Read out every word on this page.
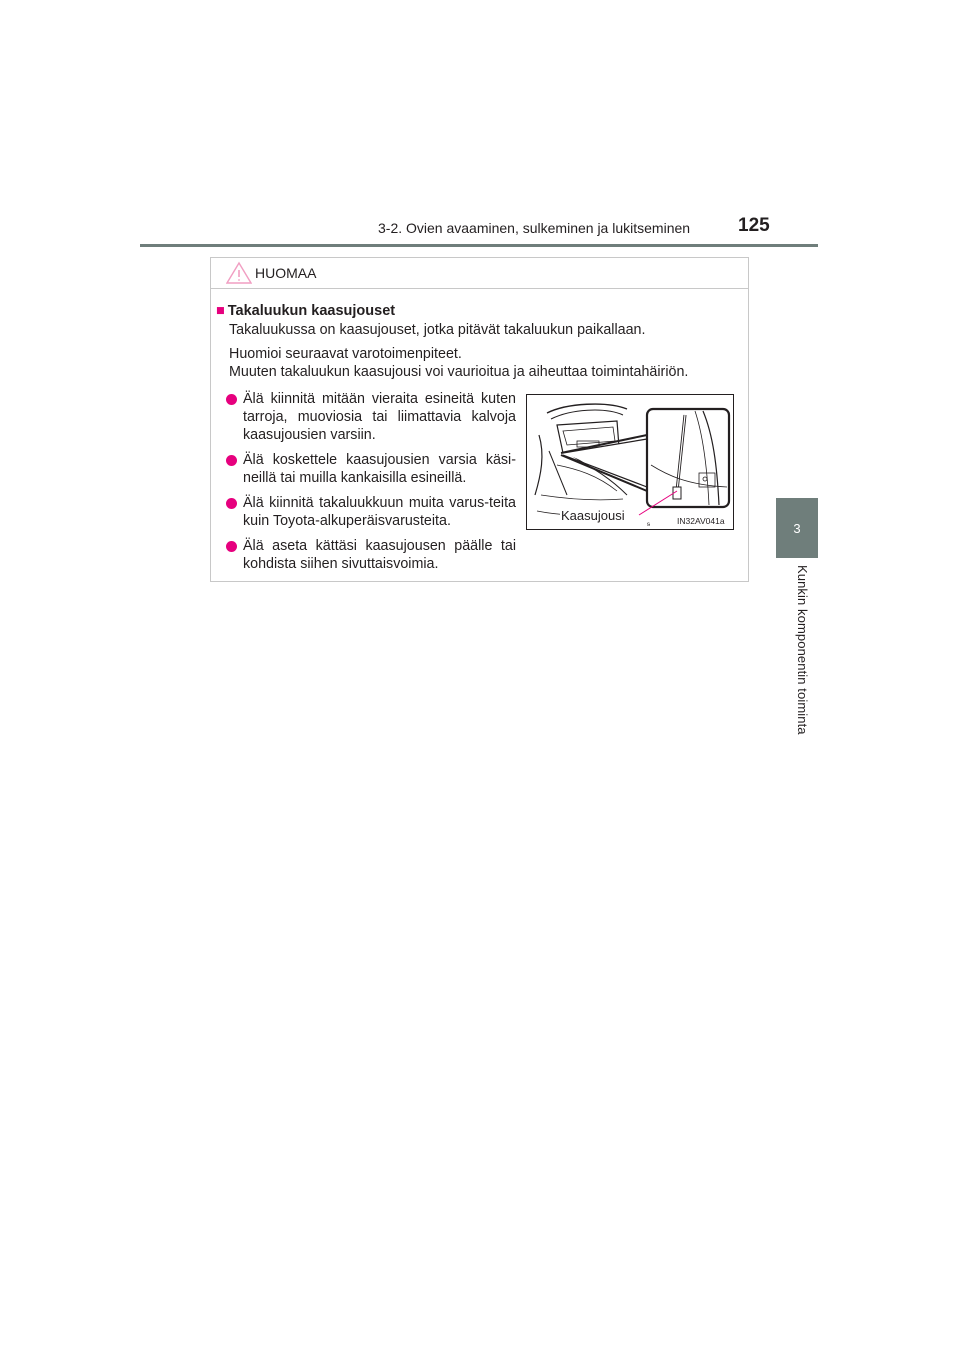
3-2. Ovien avaaminen, sulkeminen ja lukitseminen	125
3
Kunkin komponentin toiminta
HUOMAA
■ Takaluukun kaasujouset
Takaluukussa on kaasujouset, jotka pitävät takaluukun paikallaan.
Huomioi seuraavat varotoimenpiteet.
Muuten takaluukun kaasujousi voi vaurioitua ja aiheuttaa toimintahäiriön.
Älä kiinnitä mitään vieraita esineitä kuten tarroja, muoviosia tai liimattavia kalvoja kaasujousien varsiin.
Älä koskettele kaasujousien varsia käsi-neillä tai muilla kankaisilla esineillä.
Älä kiinnitä takaluukkuun muita varus-teita kuin Toyota-alkuperäisvarusteita.
Älä aseta kättäsi kaasujousen päälle tai kohdista siihen sivuttaisvoimia.
ᵴ
Kaasujousi	IN32AV041a
